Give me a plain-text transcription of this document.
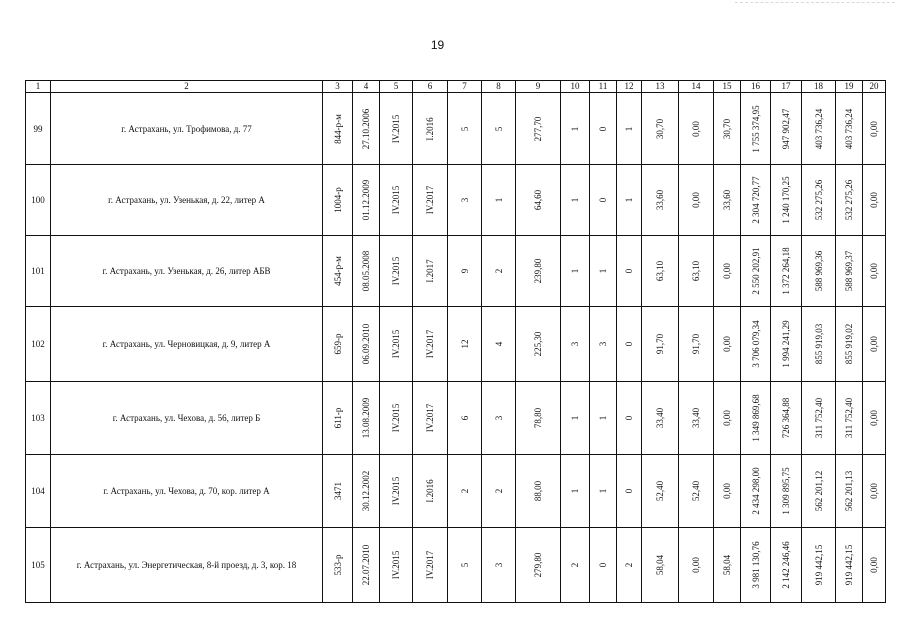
19
1	2	3	4	5	6	7	8	9	10	11	12	13	14	15	16	17	18	19	20
99	г. Астрахань, ул. Трофимова, д. 77	844-р-м	27.10.2006	IV.2015	I.2016	5	5	277,70	1	0	1	30,70	0,00	30,70	1 755 374,95	947 902,47	403 736,24	403 736,24	0,00

100	г. Астрахань, ул. Узенькая, д. 22, литер А	1004-р	01.12.2009	IV.2015	IV.2017	3	1	64,60	1	0	1	33,60	0,00	33,60	2 304 720,77	1 240 170,25	532 275,26	532 275,26	0,00

101	г. Астрахань, ул. Узенькая, д. 26, литер АБВ	454-р-м	08.05.2008	IV.2015	I.2017	9	2	239,80	1	1	0	63,10	63,10	0,00	2 550 202,91	1 372 264,18	588 969,36	588 969,37	0,00

102	г. Астрахань, ул. Черновицкая, д. 9, литер А	659-р	06.09.2010	IV.2015	IV.2017	12	4	225,30	3	3	0	91,70	91,70	0,00	3 706 079,34	1 994 241,29	855 919,03	855 919,02	0,00

103	г. Астрахань, ул. Чехова, д. 56, литер Б	611-р	13.08.2009	IV.2015	IV.2017	6	3	78,80	1	1	0	33,40	33,40	0,00	1 349 869,68	726 364,88	311 752,40	311 752,40	0,00

104	г. Астрахань, ул. Чехова, д. 70, кор. литер А	3471	30.12.2002	IV.2015	I.2016	2	2	88,00	1	1	0	52,40	52,40	0,00	2 434 298,00	1 309 895,75	562 201,12	562 201,13	0,00

105	г. Астрахань, ул. Энергетическая, 8-й проезд, д. 3, кор. 18	533-р	22.07.2010	IV.2015	IV.2017	5	3	279,80	2	0	2	58,04	0,00	58,04	3 981 130,76	2 142 246,46	919 442,15	919 442,15	0,00
